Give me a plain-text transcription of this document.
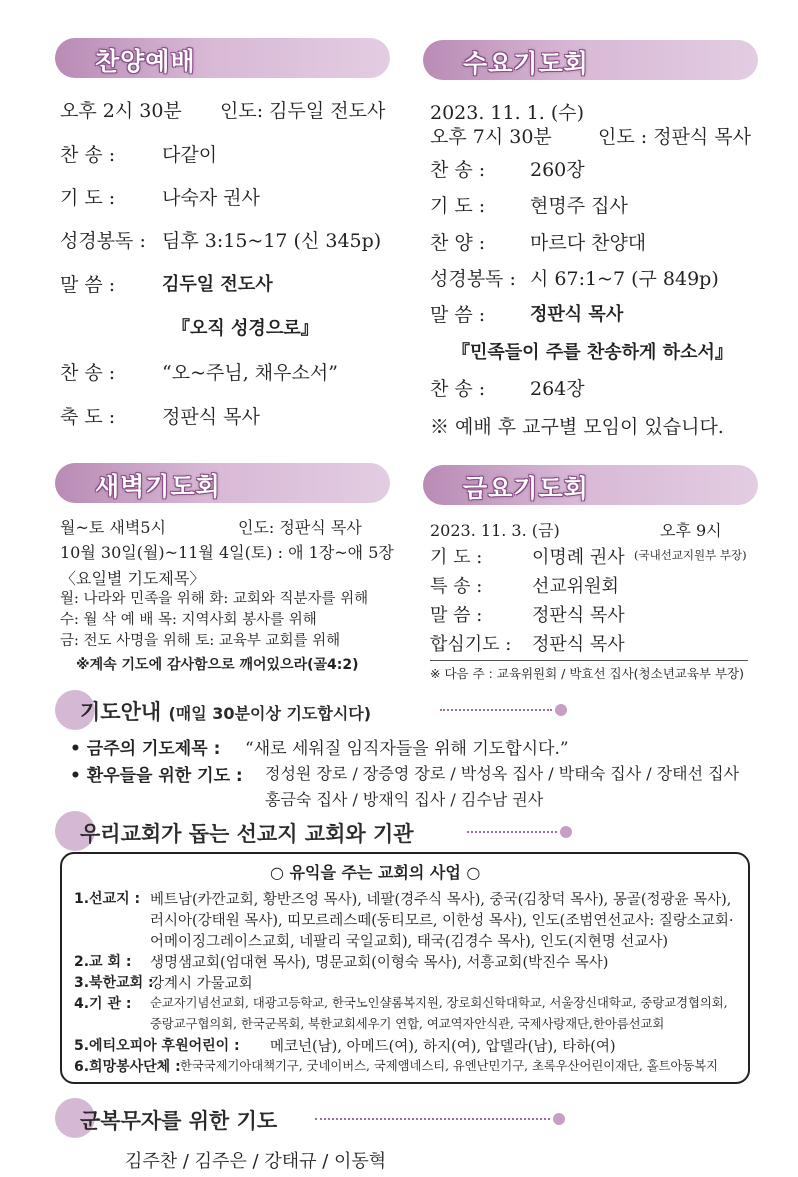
찬양예배
오후 2시 30분 인도: 김두일 전도사
찬 송 : 다같이
기 도 : 나숙자 권사
성경봉독 : 딤후 3:15~17 (신 345p)
말 씀 :	김두일 전도사
『오직 성경으로』
찬 송 : “오~주님, 채우소서”
축 도 : 정판식 목사
수요기도회
2023. 11. 1. (수)
오후 7시 30분 인도 : 정판식 목사
찬 송 : 260장
기 도 : 현명주 집사
찬 양 : 마르다 찬양대
성경봉독 : 시 67:1~7 (구 849p)
말 씀 : 정판식 목사
『민족들이 주를 찬송하게 하소서』
찬 송 : 264장
※ 예배 후 교구별 모임이 있습니다.
새벽기도회
월~토 새벽5시	인도: 정판식 목사
10월 30일(월)~11월 4일(토) : 애 1장~애 5장
〈요일별 기도제목〉
월: 나라와 민족을 위해 화: 교회와 직분자를 위해
수: 월 삭 예 배 목: 지역사회 봉사를 위해
금: 전도 사명을 위해 토: 교육부 교회를 위해
※계속 기도에 감사함으로 깨어있으라(골4:2)
금요기도회
2023. 11. 3. (금)	오후 9시
기 도 :	이명례 권사 (국내선교지원부 부장)
특 송 :	선교위원회
말 씀 :	정판식 목사
합심기도 : 정판식 목사
※ 다음 주 : 교육위원회 / 박효선 집사(청소년교육부 부장)
기도안내 (매일 30분이상 기도합시다)
• 금주의 기도제목 : “새로 세워질 임직자들을 위해 기도합시다.”
• 환우들을 위한 기도 : 정성원 장로 / 장증영 장로 / 박성옥 집사 / 박태숙 집사 / 장태선 집사
홍금숙 집사 / 방재익 집사 / 김수남 권사
우리교회가 돕는 선교지 교회와 기관
○ 유익을 주는 교회의 사업 ○
1.선교지 : 베트남(카깐교회, 황반즈엉 목사), 네팔(경주식 목사), 중국(김창덕 목사), 몽골(정광윤 목사),
러시아(강태원 목사), 띠모르레스떼(동티모르, 이한성 목사), 인도(조범연선교사: 질랑소교회·
어메이징그레이스교회, 네팔리 국일교회), 태국(김경수 목사), 인도(지현명 선교사)
2.교 회 : 생명샘교회(엄대현 목사), 명문교회(이형숙 목사), 서흥교회(박진수 목사)
3.북한교회 :
강계시 가물교회
4.기 관 : 순교자기념선교회, 대광고등학교, 한국노인샬롬복지원, 장로회신학대학교, 서울장신대학교, 중랑교경협의회,
중랑교구협의회, 한국군목회, 북한교회세우기 연합, 여교역자안식관, 국제사랑재단,한아름선교회
5.에티오피아 후원어린이 : 메코넌(남), 아메드(여), 하지(여), 압델라(남), 타하(여)
6.희망봉사단체 : 한국국제기아대책기구, 굿네이버스, 국제앰네스티, 유엔난민기구, 초록우산어린이재단, 홀트아동복지
군복무자를 위한 기도
김주찬 / 김주은 / 강태규 / 이동혁
